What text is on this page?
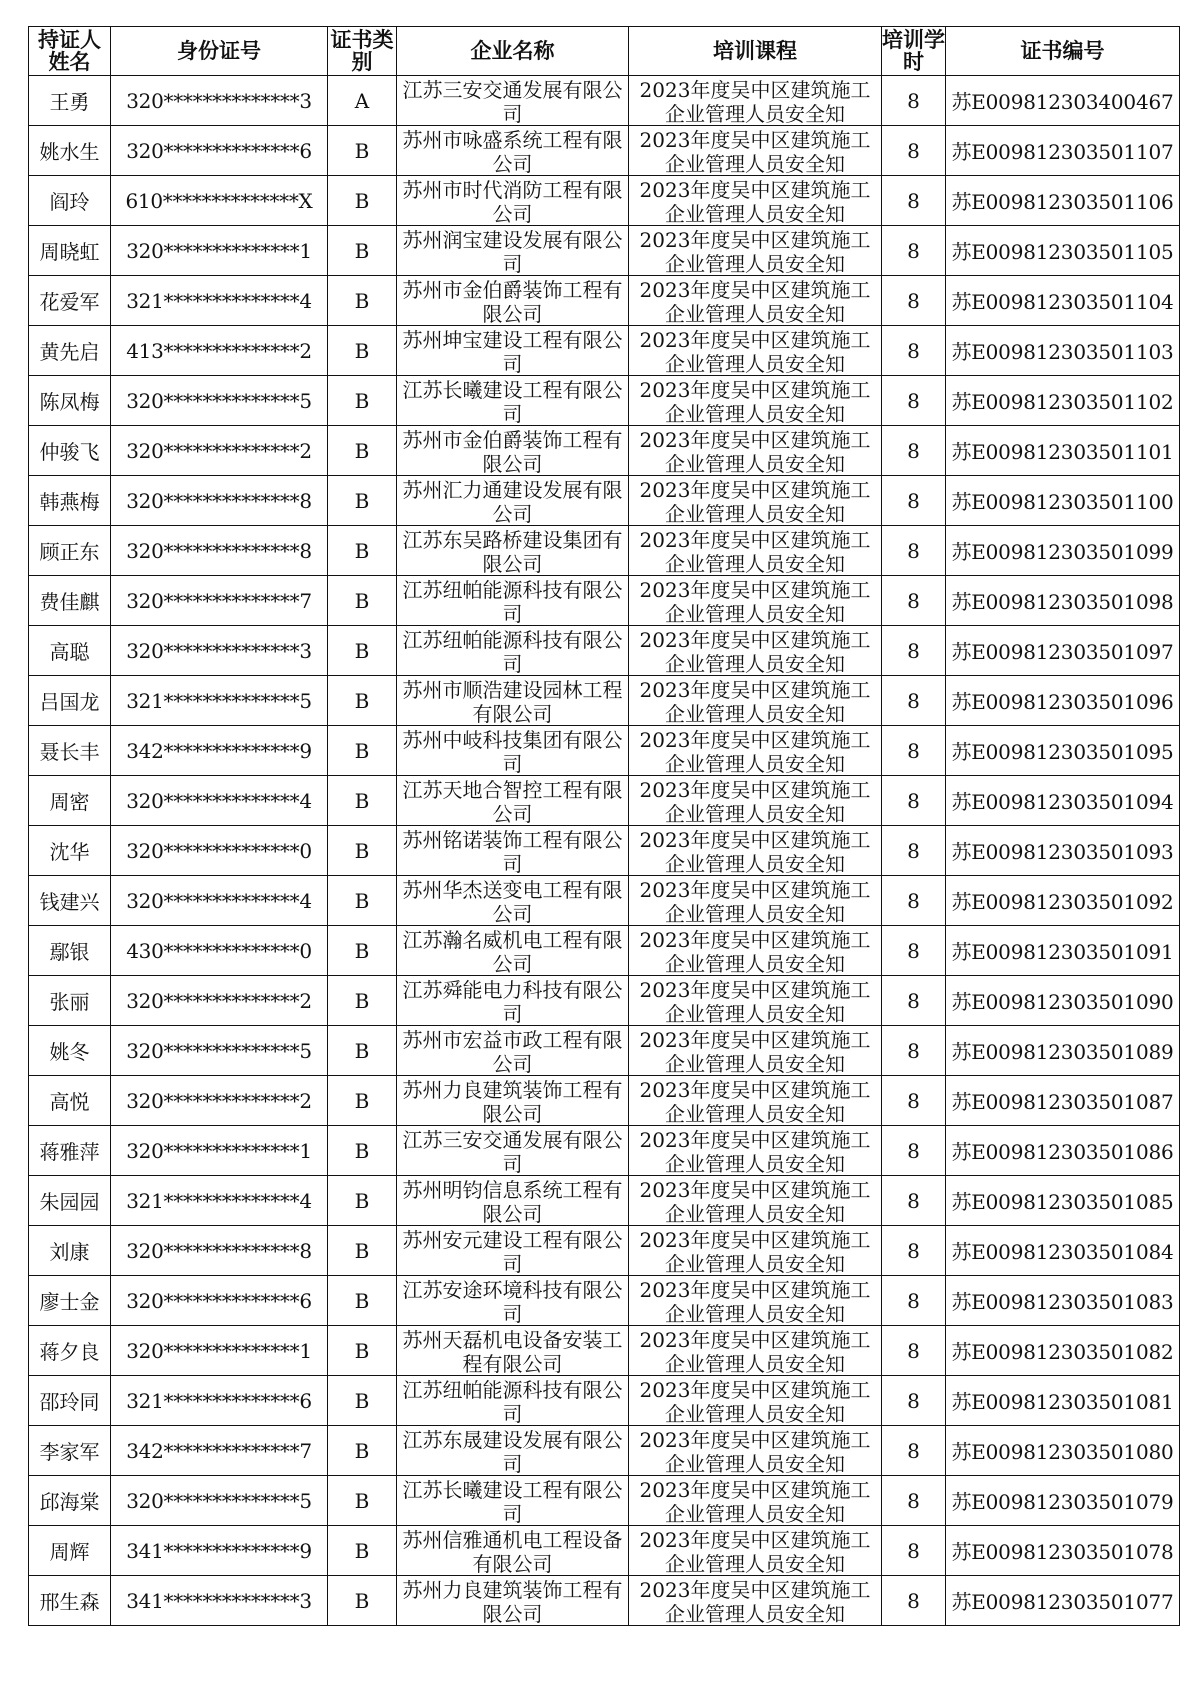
持证人姓名	身份证号	证书类别	企业名称	培训课程	培训学时	证书编号
王勇	320**************3	A	江苏三安交通发展有限公司	2023年度吴中区建筑施工企业管理人员安全知	8	苏E009812303400467
姚水生	320**************6	B	苏州市咏盛系统工程有限公司	2023年度吴中区建筑施工企业管理人员安全知	8	苏E009812303501107
阎玲	610**************X	B	苏州市时代消防工程有限公司	2023年度吴中区建筑施工企业管理人员安全知	8	苏E009812303501106
周晓虹	320**************1	B	苏州润宝建设发展有限公司	2023年度吴中区建筑施工企业管理人员安全知	8	苏E009812303501105
花爱军	321**************4	B	苏州市金伯爵装饰工程有限公司	2023年度吴中区建筑施工企业管理人员安全知	8	苏E009812303501104
黄先启	413**************2	B	苏州坤宝建设工程有限公司	2023年度吴中区建筑施工企业管理人员安全知	8	苏E009812303501103
陈凤梅	320**************5	B	江苏长曦建设工程有限公司	2023年度吴中区建筑施工企业管理人员安全知	8	苏E009812303501102
仲骏飞	320**************2	B	苏州市金伯爵装饰工程有限公司	2023年度吴中区建筑施工企业管理人员安全知	8	苏E009812303501101
韩燕梅	320**************8	B	苏州汇力通建设发展有限公司	2023年度吴中区建筑施工企业管理人员安全知	8	苏E009812303501100
顾正东	320**************8	B	江苏东吴路桥建设集团有限公司	2023年度吴中区建筑施工企业管理人员安全知	8	苏E009812303501099
费佳麒	320**************7	B	江苏纽帕能源科技有限公司	2023年度吴中区建筑施工企业管理人员安全知	8	苏E009812303501098
高聪	320**************3	B	江苏纽帕能源科技有限公司	2023年度吴中区建筑施工企业管理人员安全知	8	苏E009812303501097
吕国龙	321**************5	B	苏州市顺浩建设园林工程有限公司	2023年度吴中区建筑施工企业管理人员安全知	8	苏E009812303501096
聂长丰	342**************9	B	苏州中岐科技集团有限公司	2023年度吴中区建筑施工企业管理人员安全知	8	苏E009812303501095
周密	320**************4	B	江苏天地合智控工程有限公司	2023年度吴中区建筑施工企业管理人员安全知	8	苏E009812303501094
沈华	320**************0	B	苏州铭诺装饰工程有限公司	2023年度吴中区建筑施工企业管理人员安全知	8	苏E009812303501093
钱建兴	320**************4	B	苏州华杰送变电工程有限公司	2023年度吴中区建筑施工企业管理人员安全知	8	苏E009812303501092
鄢银	430**************0	B	江苏瀚名威机电工程有限公司	2023年度吴中区建筑施工企业管理人员安全知	8	苏E009812303501091
张丽	320**************2	B	江苏舜能电力科技有限公司	2023年度吴中区建筑施工企业管理人员安全知	8	苏E009812303501090
姚冬	320**************5	B	苏州市宏益市政工程有限公司	2023年度吴中区建筑施工企业管理人员安全知	8	苏E009812303501089
高悦	320**************2	B	苏州力良建筑装饰工程有限公司	2023年度吴中区建筑施工企业管理人员安全知	8	苏E009812303501087
蒋雅萍	320**************1	B	江苏三安交通发展有限公司	2023年度吴中区建筑施工企业管理人员安全知	8	苏E009812303501086
朱园园	321**************4	B	苏州明钧信息系统工程有限公司	2023年度吴中区建筑施工企业管理人员安全知	8	苏E009812303501085
刘康	320**************8	B	苏州安元建设工程有限公司	2023年度吴中区建筑施工企业管理人员安全知	8	苏E009812303501084
廖士金	320**************6	B	江苏安途环境科技有限公司	2023年度吴中区建筑施工企业管理人员安全知	8	苏E009812303501083
蒋夕良	320**************1	B	苏州天磊机电设备安装工程有限公司	2023年度吴中区建筑施工企业管理人员安全知	8	苏E009812303501082
邵玲同	321**************6	B	江苏纽帕能源科技有限公司	2023年度吴中区建筑施工企业管理人员安全知	8	苏E009812303501081
李家军	342**************7	B	江苏东晟建设发展有限公司	2023年度吴中区建筑施工企业管理人员安全知	8	苏E009812303501080
邱海棠	320**************5	B	江苏长曦建设工程有限公司	2023年度吴中区建筑施工企业管理人员安全知	8	苏E009812303501079
周辉	341**************9	B	苏州信雅通机电工程设备有限公司	2023年度吴中区建筑施工企业管理人员安全知	8	苏E009812303501078
邢生森	341**************3	B	苏州力良建筑装饰工程有限公司	2023年度吴中区建筑施工企业管理人员安全知	8	苏E009812303501077
